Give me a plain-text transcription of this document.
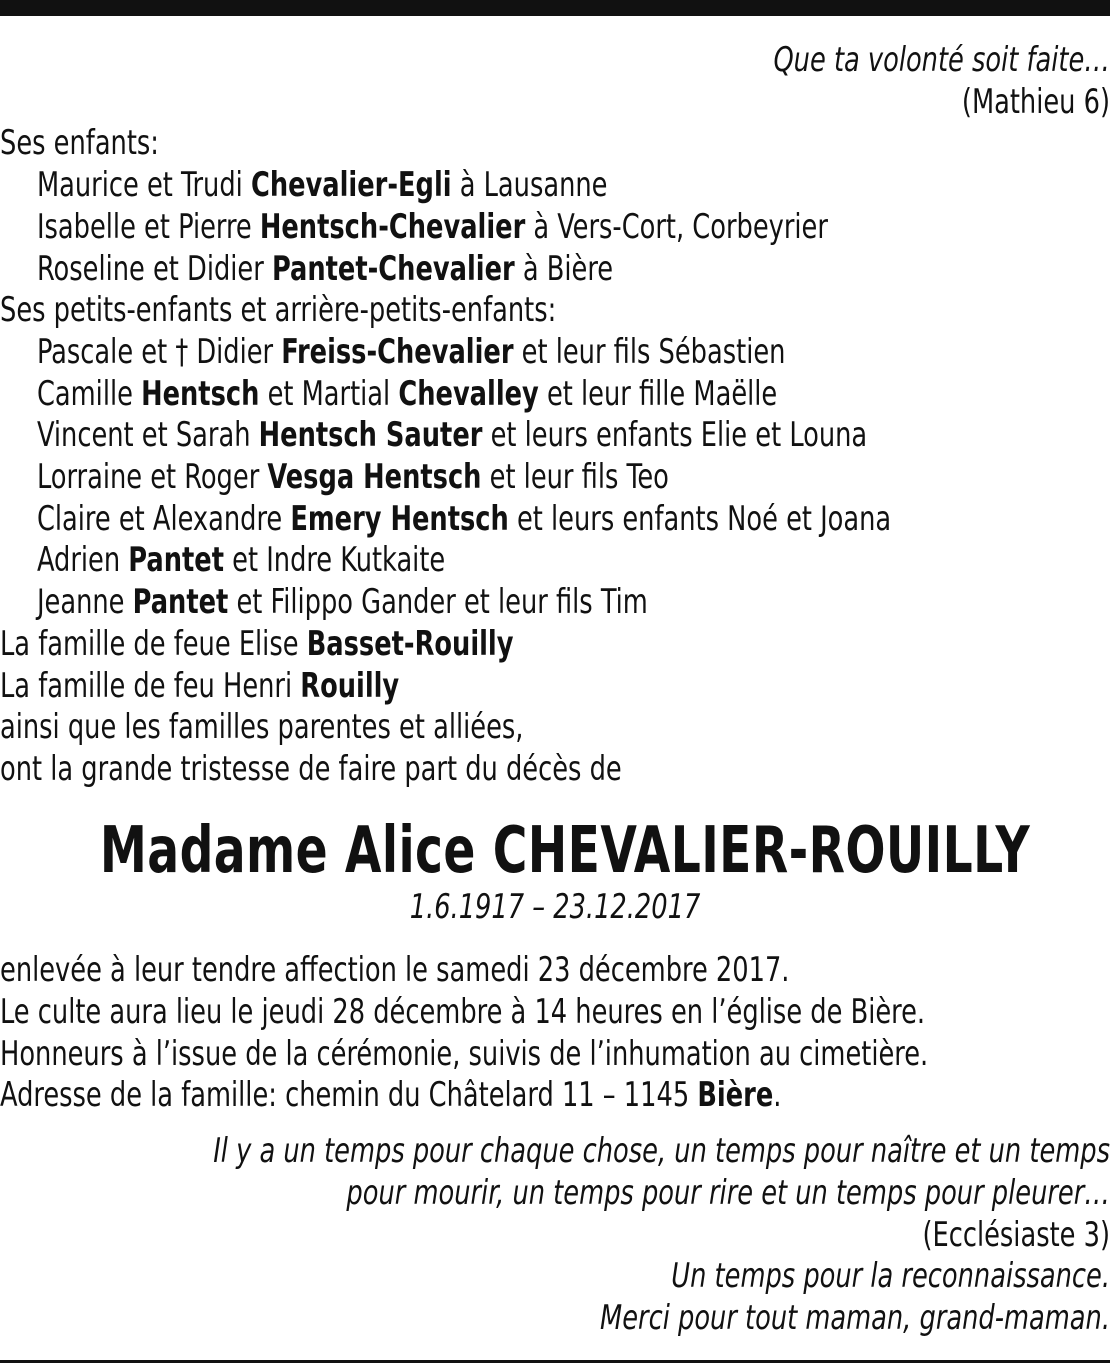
Que ta volonté soit faite…
(Mathieu 6)
Ses enfants:
Maurice et Trudi Chevalier-Egli à Lausanne
Isabelle et Pierre Hentsch-Chevalier à Vers-Cort, Corbeyrier
Roseline et Didier Pantet-Chevalier à Bière
Ses petits-enfants et arrière-petits-enfants:
Pascale et † Didier Freiss-Chevalier et leur fils Sébastien
Camille Hentsch et Martial Chevalley et leur fille Maëlle
Vincent et Sarah Hentsch Sauter et leurs enfants Elie et Louna
Lorraine et Roger Vesga Hentsch et leur fils Teo
Claire et Alexandre Emery Hentsch et leurs enfants Noé et Joana
Adrien Pantet et Indre Kutkaite
Jeanne Pantet et Filippo Gander et leur fils Tim
La famille de feue Elise Basset-Rouilly
La famille de feu Henri Rouilly
ainsi que les familles parentes et alliées,
ont la grande tristesse de faire part du décès de
Madame Alice CHEVALIER-ROUILLY
1.6.1917 – 23.12.2017
enlevée à leur tendre affection le samedi 23 décembre 2017.
Le culte aura lieu le jeudi 28 décembre à 14 heures en l’église de Bière.
Honneurs à l’issue de la cérémonie, suivis de l’inhumation au cimetière.
Adresse de la famille: chemin du Châtelard 11 – 1145 Bière.
Il y a un temps pour chaque chose, un temps pour naître et un temps
pour mourir, un temps pour rire et un temps pour pleurer…
(Ecclésiaste 3)
Un temps pour la reconnaissance.
Merci pour tout maman, grand-maman.
